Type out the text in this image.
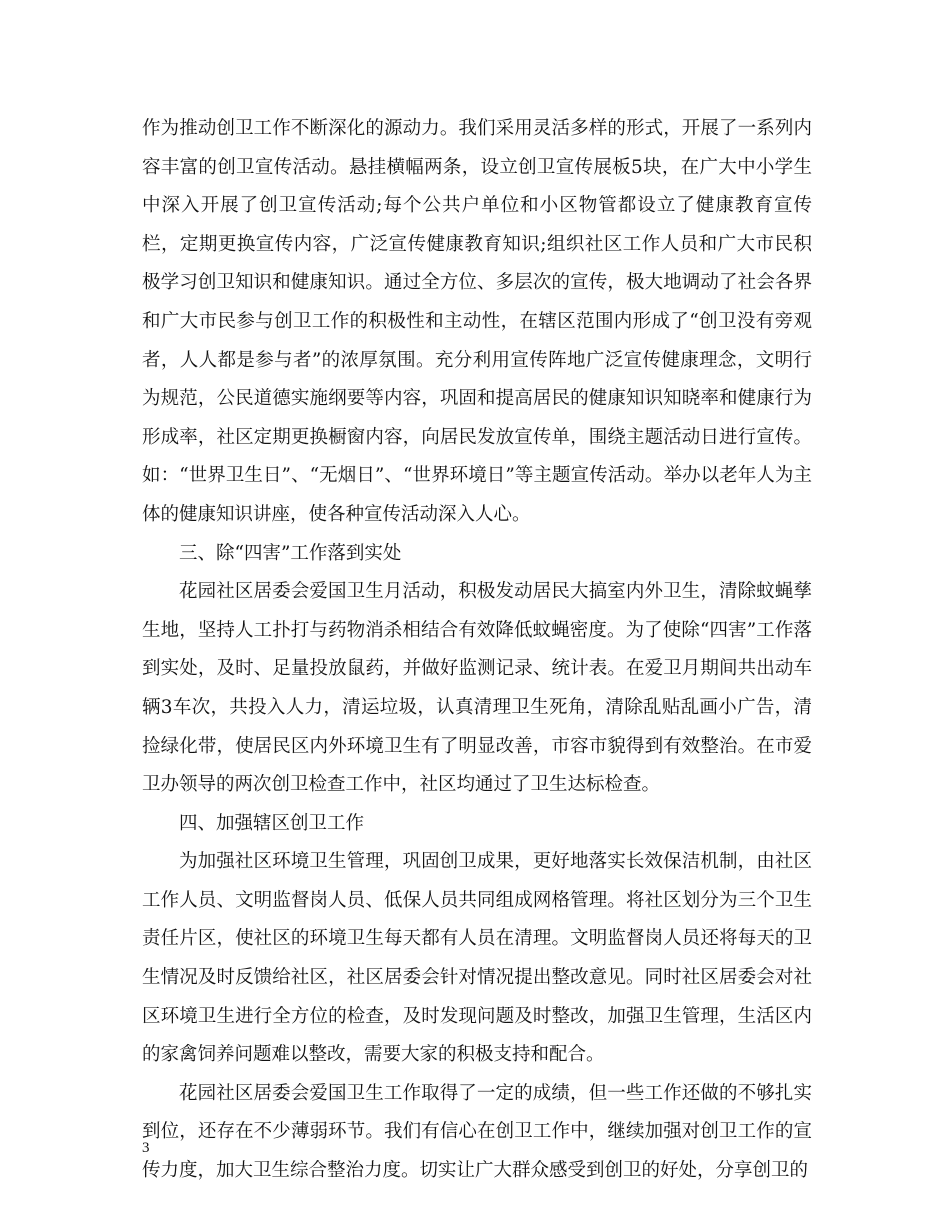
作为推动创卫工作不断深化的源动力。我们采用灵活多样的形式，开展了一系列内容丰富的创卫宣传活动。悬挂横幅两条，设立创卫宣传展板5块，在广大中小学生中深入开展了创卫宣传活动;每个公共户单位和小区物管都设立了健康教育宣传栏，定期更换宣传内容，广泛宣传健康教育知识;组织社区工作人员和广大市民积极学习创卫知识和健康知识。通过全方位、多层次的宣传，极大地调动了社会各界和广大市民参与创卫工作的积极性和主动性，在辖区范围内形成了“创卫没有旁观者，人人都是参与者”的浓厚氛围。充分利用宣传阵地广泛宣传健康理念，文明行为规范，公民道德实施纲要等内容，巩固和提高居民的健康知识知晓率和健康行为形成率，社区定期更换橱窗内容，向居民发放宣传单，围绕主题活动日进行宣传。如：“世界卫生日”、“无烟日”、“世界环境日”等主题宣传活动。举办以老年人为主体的健康知识讲座，使各种宣传活动深入人心。

三、除“四害”工作落到实处

花园社区居委会爱国卫生月活动，积极发动居民大搞室内外卫生，清除蚊蝇孳生地，坚持人工扑打与药物消杀相结合有效降低蚊蝇密度。为了使除“四害”工作落到实处，及时、足量投放鼠药，并做好监测记录、统计表。在爱卫月期间共出动车辆3车次，共投入人力，清运垃圾，认真清理卫生死角，清除乱贴乱画小广告，清捡绿化带，使居民区内外环境卫生有了明显改善，市容市貌得到有效整治。在市爱卫办领导的两次创卫检查工作中，社区均通过了卫生达标检查。

四、加强辖区创卫工作

为加强社区环境卫生管理，巩固创卫成果，更好地落实长效保洁机制，由社区工作人员、文明监督岗人员、低保人员共同组成网格管理。将社区划分为三个卫生责任片区，使社区的环境卫生每天都有人员在清理。文明监督岗人员还将每天的卫生情况及时反馈给社区，社区居委会针对情况提出整改意见。同时社区居委会对社区环境卫生进行全方位的检查，及时发现问题及时整改，加强卫生管理，生活区内的家禽饲养问题难以整改，需要大家的积极支持和配合。

花园社区居委会爱国卫生工作取得了一定的成绩，但一些工作还做的不够扎实到位，还存在不少薄弱环节。我们有信心在创卫工作中，继续加强对创卫工作的宣传力度，加大卫生综合整治力度。切实让广大群众感受到创卫的好处，分享创卫的

3
